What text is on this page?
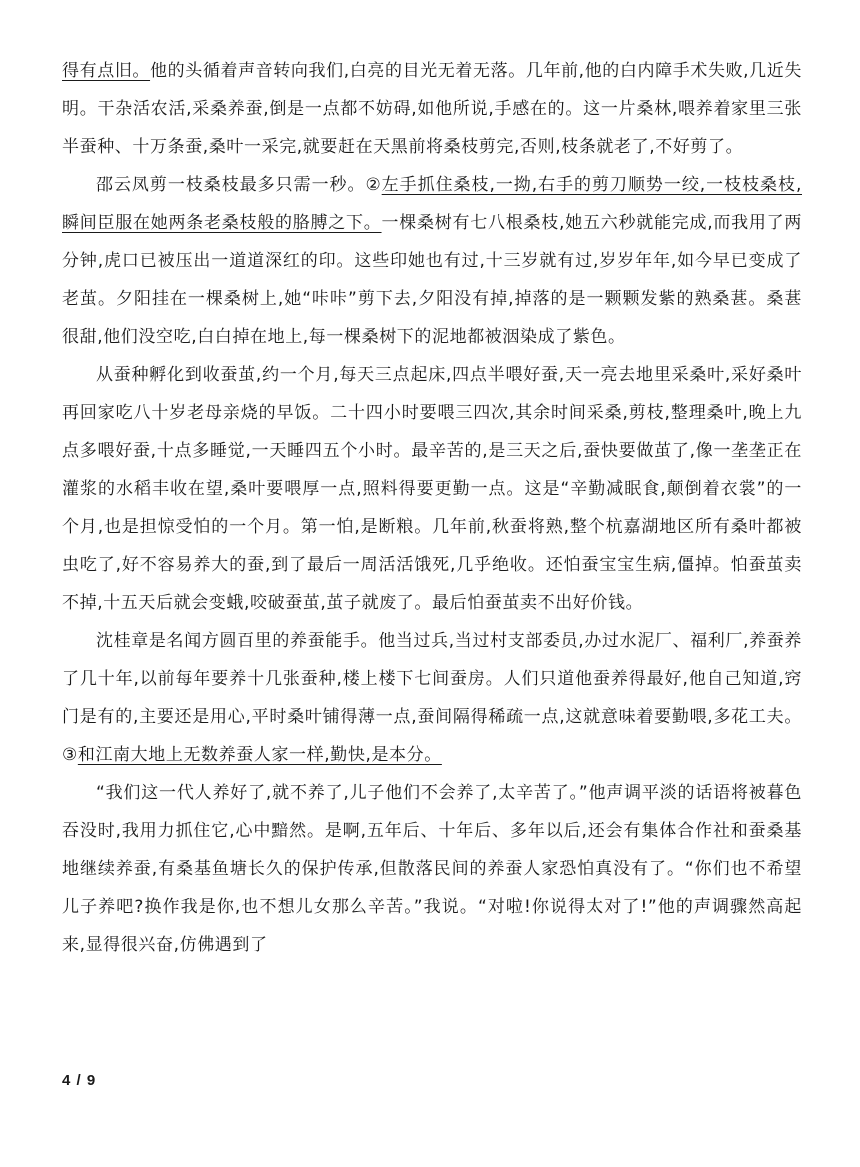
得有点旧。他的头循着声音转向我们,白亮的目光无着无落。几年前,他的白内障手术失败,几近失明。干杂活农活,采桑养蚕,倒是一点都不妨碍,如他所说,手感在的。这一片桑林,喂养着家里三张半蚕种、十万条蚕,桑叶一采完,就要赶在天黑前将桑枝剪完,否则,枝条就老了,不好剪了。

邵云凤剪一枝桑枝最多只需一秒。②左手抓住桑枝,一拗,右手的剪刀顺势一绞,一枝枝桑枝,瞬间臣服在她两条老桑枝般的胳膊之下。一棵桑树有七八根桑枝,她五六秒就能完成,而我用了两分钟,虎口已被压出一道道深红的印。这些印她也有过,十三岁就有过,岁岁年年,如今早已变成了老茧。夕阳挂在一棵桑树上,她“咔咔”剪下去,夕阳没有掉,掉落的是一颗颗发紫的熟桑葚。桑葚很甜,他们没空吃,白白掉在地上,每一棵桑树下的泥地都被洇染成了紫色。

从蚕种孵化到收蚕茧,约一个月,每天三点起床,四点半喂好蚕,天一亮去地里采桑叶,采好桑叶再回家吃八十岁老母亲烧的早饭。二十四小时要喂三四次,其余时间采桑,剪枝,整理桑叶,晚上九点多喂好蚕,十点多睡觉,一天睡四五个小时。最辛苦的,是三天之后,蚕快要做茧了,像一垄垄正在灌浆的水稻丰收在望,桑叶要喂厚一点,照料得要更勤一点。这是“辛勤减眠食,颠倒着衣裳”的一个月,也是担惊受怕的一个月。第一怕,是断粮。几年前,秋蚕将熟,整个杭嘉湖地区所有桑叶都被虫吃了,好不容易养大的蚕,到了最后一周活活饿死,几乎绝收。还怕蚕宝宝生病,僵掉。怕蚕茧卖不掉,十五天后就会变蛾,咬破蚕茧,茧子就废了。最后怕蚕茧卖不出好价钱。

沈桂章是名闻方圆百里的养蚕能手。他当过兵,当过村支部委员,办过水泥厂、福利厂,养蚕养了几十年,以前每年要养十几张蚕种,楼上楼下七间蚕房。人们只道他蚕养得最好,他自己知道,窍门是有的,主要还是用心,平时桑叶铺得薄一点,蚕间隔得稀疏一点,这就意味着要勤喂,多花工夫。③和江南大地上无数养蚕人家一样,勤快,是本分。

“我们这一代人养好了,就不养了,儿子他们不会养了,太辛苦了。”他声调平淡的话语将被暮色吞没时,我用力抓住它,心中黯然。是啊,五年后、十年后、多年以后,还会有集体合作社和蚕桑基地继续养蚕,有桑基鱼塘长久的保护传承,但散落民间的养蚕人家恐怕真没有了。“你们也不希望儿子养吧?换作我是你,也不想儿女那么辛苦。”我说。“对啦!你说得太对了!”他的声调骤然高起来,显得很兴奋,仿佛遇到了

4 / 9
